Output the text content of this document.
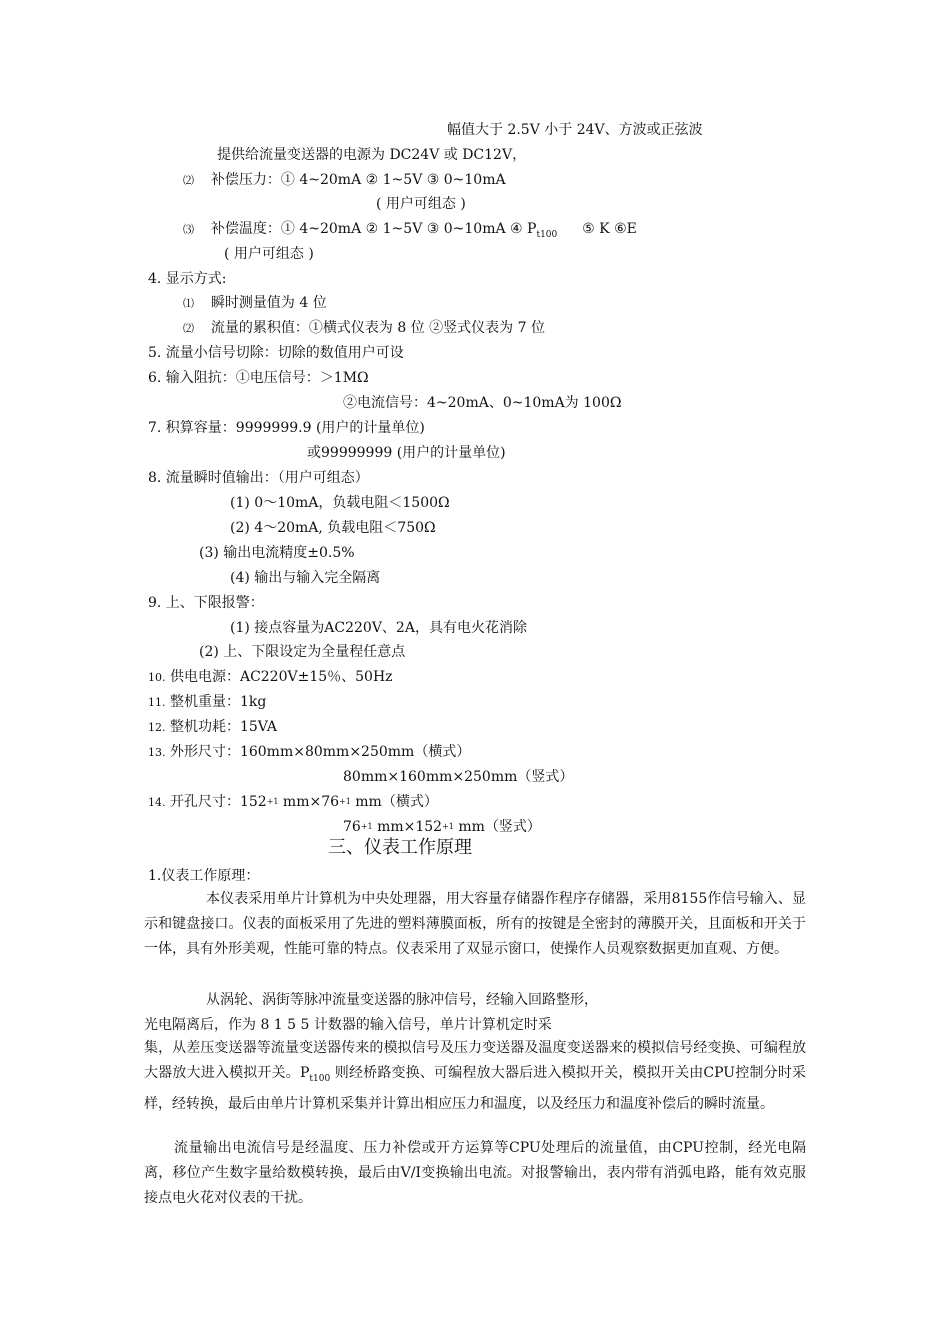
幅值大于 2.5V 小于 24V、方波或正弦波
提供给流量变送器的电源为 DC24V 或 DC12V，
⑵ 补偿压力：① 4~20mA ② 1~5V ③ 0~10mA
( 用户可组态 )
⑶ 补偿温度：① 4~20mA ② 1~5V ③ 0~10mA ④ $P_{t100}$ ⑤ K ⑥E
( 用户可组态 )
4. 显示方式:
⑴ 瞬时测量值为 4 位
⑵ 流量的累积值：①横式仪表为 8 位 ②竖式仪表为 7 位
5. 流量小信号切除：切除的数值用户可设
6. 输入阻抗：①电压信号：＞1MΩ
②电流信号：4~20mA、0~10mA为 100Ω
7. 积算容量：9999999.9 (用户的计量单位)
或99999999 (用户的计量单位)
8. 流量瞬时值输出：（用户可组态）
(1) 0～10mA，负载电阻＜1500Ω
(2) 4～20mA, 负载电阻＜750Ω
(3) 输出电流精度±0.5%
(4) 输出与输入完全隔离
9. 上、下限报警：
(1) 接点容量为AC220V、2A，具有电火花消除
(2) 上、下限设定为全量程任意点
10. 供电电源：AC220V±15％、50Hz
11. 整机重量：1kg
12. 整机功耗：15VA
13. 外形尺寸：160mm×80mm×250mm（横式）
80mm×160mm×250mm（竖式）
14. 开孔尺寸：$152^{+1}$ $mm\times 76^{+1}$ mm（横式）
$76^{+1}$ $mm\times 152^{+1}$ mm（竖式）
三、仪表工作原理
1.仪表工作原理：
本仪表采用单片计算机为中央处理器，用大容量存储器作程序存储器，采用8155作信号输入、显示和键盘接口。仪表的面板采用了先进的塑料薄膜面板，所有的按键是全密封的薄膜开关，且面板和开关于一体，具有外形美观，性能可靠的特点。仪表采用了双显示窗口，使操作人员观察数据更加直观、方便。
从涡轮、涡街等脉冲流量变送器的脉冲信号，经输入回路整形，
光电隔离后，作为 8 1 5 5 计数器的输入信号，单片计算机定时采
集，从差压变送器等流量变送器传来的模拟信号及压力变送器及温度变送器来的模拟信号经变换、可编程放大器放大进入模拟开关。$P_{t100}$ 则经桥路变换、可编程放大器后进入模拟开关，模拟开关由CPU控制分时采样，经转换，最后由单片计算机采集并计算出相应压力和温度，以及经压力和温度补偿后的瞬时流量。
流量输出电流信号是经温度、压力补偿或开方运算等CPU处理后的流量值，由CPU控制，经光电隔离，移位产生数字量给数模转换，最后由V/I变换输出电流。对报警输出，表内带有消弧电路，能有效克服接点电火花对仪表的干扰。
